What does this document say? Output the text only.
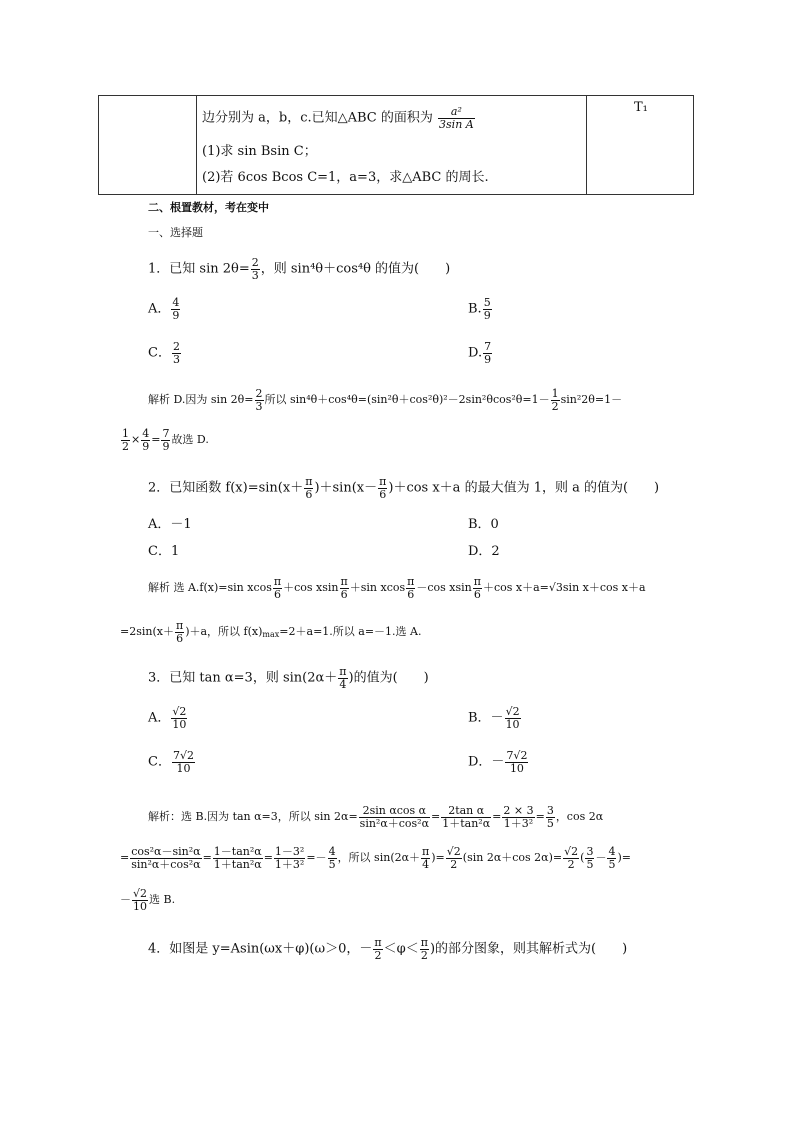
边分别为 a，b，c.已知△ABC 的面积为 $\frac{\text{a²}}{\text{3sin A}}$
(1)求 sin Bsin C；
(2)若 6cos Bcos C=1，a=3，求△ABC 的周长.
T₁
二、根置教材，考在变中
一、选择题
1．已知 $\sin 2\theta= \frac{2}{3}$ ，则 sin⁴θ＋cos⁴θ 的值为(　　)
A． $\frac{4}{9}$	B. $\frac{5}{9}$
C． $\frac{2}{3}$	D. $\frac{7}{9}$
解析 D.因为 $\sin 2\theta= \frac{2}{3}$ 所以 $\sin^4\theta+\cos^4\theta=(\sin^2\theta+\cos^2\theta)^2-2\sin^2\theta\cos^2\theta=1- \frac{1}{2} \sin^22\theta=1-$
$\frac{1}{2} \times \frac{4}{9} = \frac{7}{9}$ 故选 D.
2．已知函数 $f(x)=\sin(x+ \frac{\pi}{6} )+\sin(x- \frac{\pi}{6} )+\cos$ x＋a 的最大值为 1，则 a 的值为(　　)
A．－1	B．0
C．1	D．2
解析 选 A.f(x)=sin xcos $\frac{\pi}{6} +\cos$ xsin $\frac{\pi}{6} +\sin$ xcos $\frac{\pi}{6} -\cos$ xsin $\frac{\pi}{6} +\cos$ x＋a=√3sin x＋cos x＋a
$=2\sin(x+ \frac{\pi}{6} )+a$，所以 $f(x)_{max}=2+a=1$.所以 a=－1.选 A.
3．已知 tan α=3，则 $\sin(2\alpha+ \frac{\pi}{4}$ )的值为(　　)
A． $\frac{√2}{10}$	B．－ $\frac{√2}{10}$
C． $\frac{7√2}{10}$	D．－ $\frac{7√2}{10}$
解析：选 B.因为 tan α=3，所以 $\sin 2\alpha= \frac{\text{2sin αcos α}}{\text{sin²α＋cos²α}} = \frac{\text{2tan α}}{\text{1＋tan²α}} = \frac{2 \times 3}{\text{1＋3²}} = \frac{3}{5}$ ，cos 2α
= $\frac{\text{cos²α－sin²α}}{\text{sin²α＋cos²α}} = \frac{\text{1－tan²α}}{\text{1＋tan²α}} = \frac{\text{1－3²}}{\text{1＋3²}} =- \frac{4}{5}$ ，所以 $\sin(2\alpha+ \frac{\pi}{4}$ )= $\frac{√2}{2} (\sin$ 2α＋cos $2\alpha)= \frac{√2}{2}$ ( $\frac{3}{5} - \frac{4}{5}$ )=
－ $\frac{√2}{10}$ 选 B.
4．如图是 y=Asin(ωx＋φ)(ω＞0，－ $\frac{\pi}{2} <\varphi< \frac{\pi}{2}$ )的部分图象，则其解析式为(　　)
